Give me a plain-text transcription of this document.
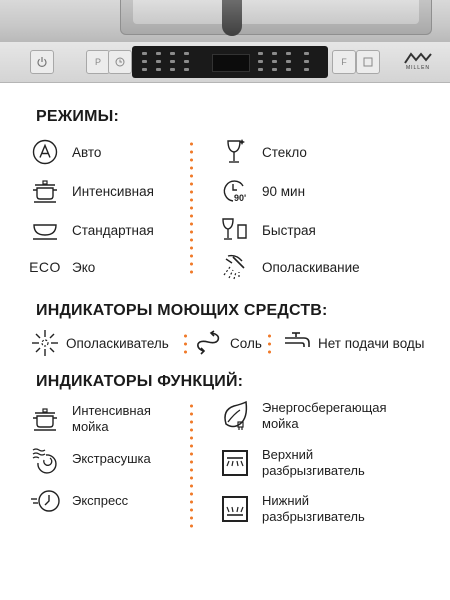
P	F
MILLEN
РЕЖИМЫ:
Авто
Интенсивная
Стандартная
ECO Эко
Стекло
90' 90 мин
Быстрая
Ополаскивание
ИНДИКАТОРЫ МОЮЩИХ СРЕДСТВ:
Ополаскиватель	Соль	Нет подачи воды
ИНДИКАТОРЫ ФУНКЦИЙ:
Интенсивная
мойка
Экстрасушка
Экспресс
Энергосберегающая
мойка
Верхний
разбрызгиватель
Нижний
разбрызгиватель
